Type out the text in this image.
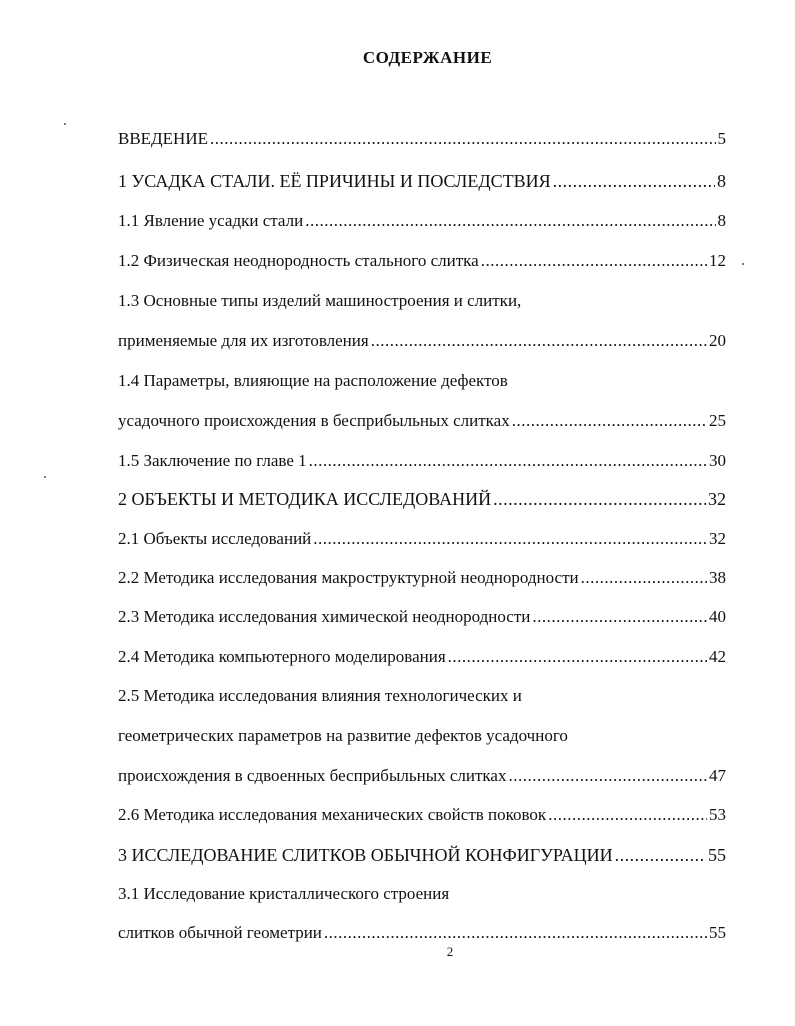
СОДЕРЖАНИЕ
ВВЕДЕНИЕ .....	5
1 УСАДКА СТАЛИ. ЕЁ ПРИЧИНЫ И ПОСЛЕДСТВИЯ .....	8
1.1 Явление усадки стали .....	8
1.2 Физическая неоднородность стального слитка .....	12
1.3 Основные типы изделий машиностроения и слитки,
применяемые для их изготовления .....	20
1.4 Параметры, влияющие на расположение дефектов
усадочного происхождения в бесприбыльных слитках .....	25
1.5 Заключение по главе 1 .....	30
2 ОБЪЕКТЫ И МЕТОДИКА ИССЛЕДОВАНИЙ .....	32
2.1 Объекты исследований .....	32
2.2 Методика исследования макроструктурной неоднородности .....	38
2.3 Методика исследования химической неоднородности .....	40
2.4 Методика компьютерного моделирования .....	42
2.5 Методика исследования влияния технологических и
геометрических параметров на развитие дефектов усадочного
происхождения в сдвоенных бесприбыльных слитках .....	47
2.6 Методика исследования механических свойств поковок .....	53
3 ИССЛЕДОВАНИЕ СЛИТКОВ ОБЫЧНОЙ КОНФИГУРАЦИИ .....	55
3.1 Исследование кристаллического строения
слитков обычной геометрии .....	55
2
